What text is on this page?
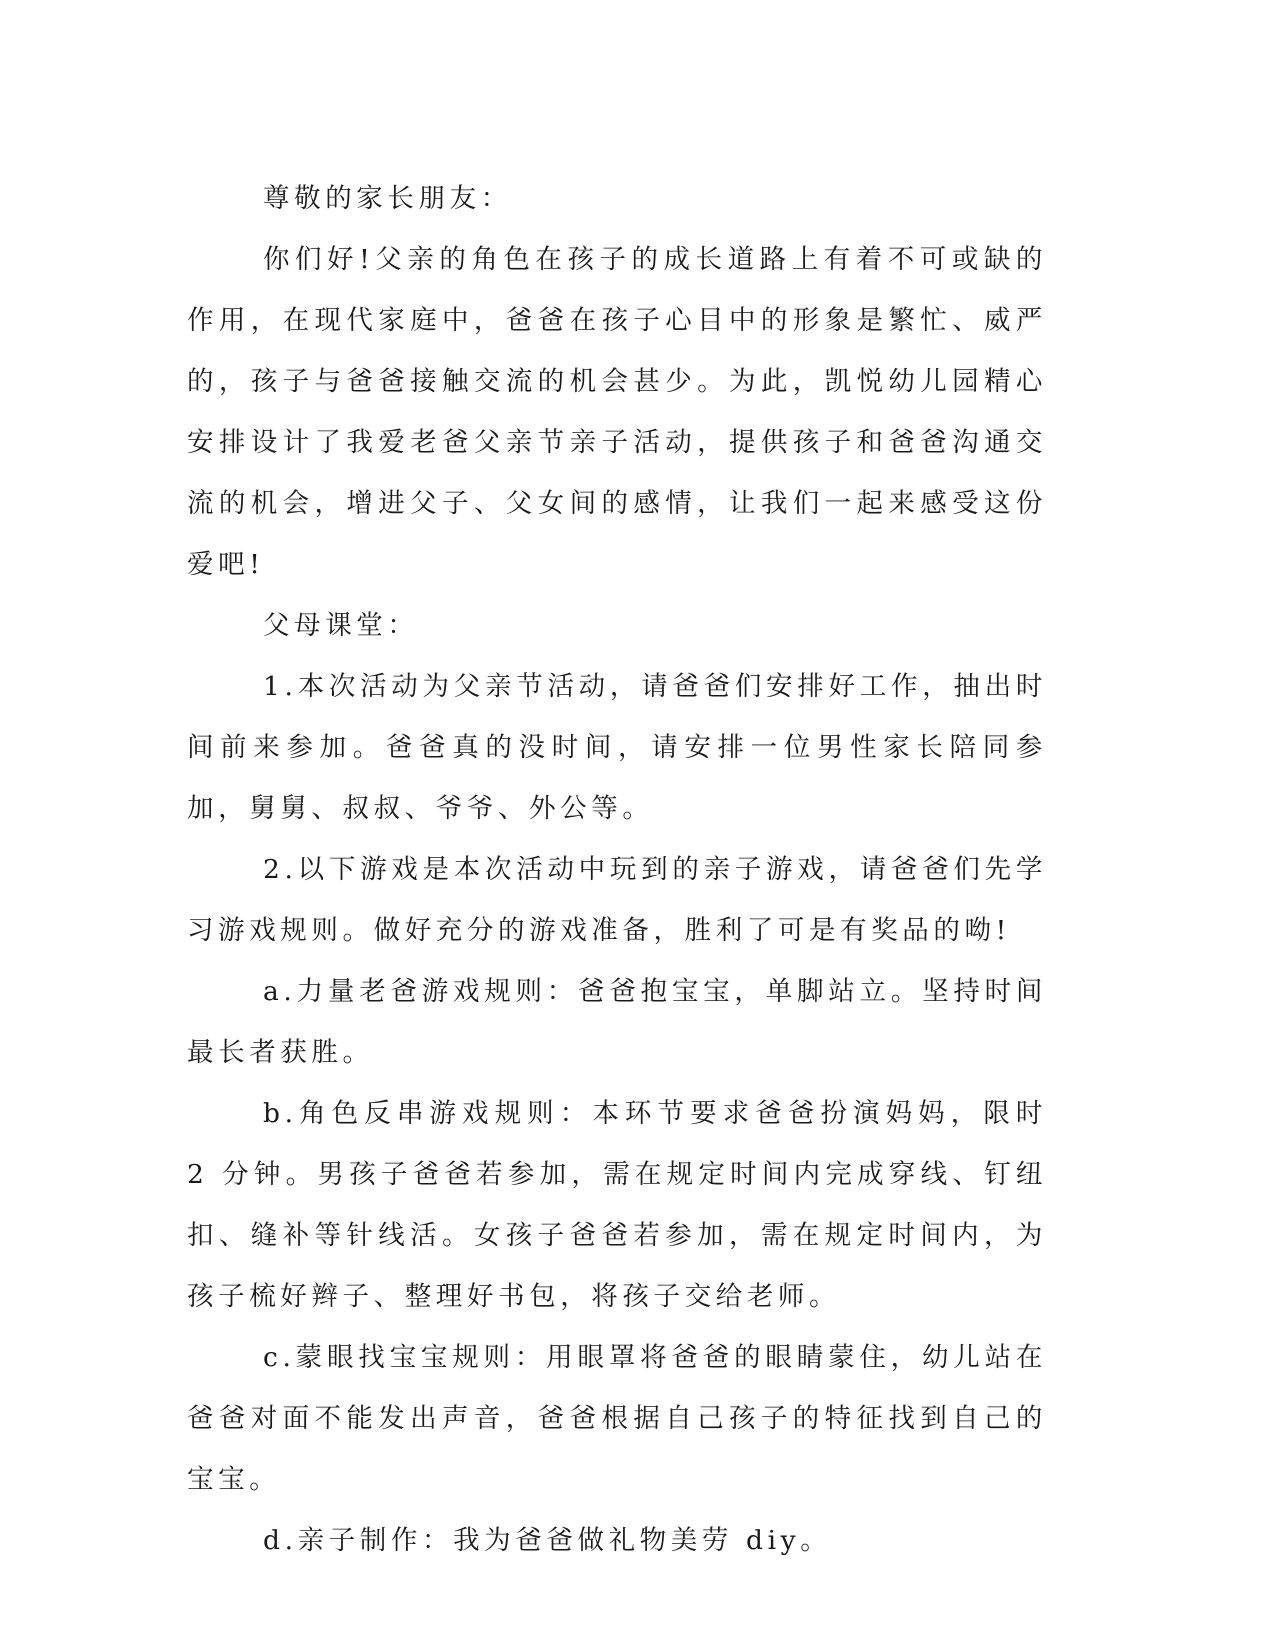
尊敬的家长朋友：

你们好!父亲的角色在孩子的成长道路上有着不可或缺的作用，在现代家庭中，爸爸在孩子心目中的形象是繁忙、威严的，孩子与爸爸接触交流的机会甚少。为此，凯悦幼儿园精心安排设计了我爱老爸父亲节亲子活动，提供孩子和爸爸沟通交流的机会，增进父子、父女间的感情，让我们一起来感受这份爱吧!

父母课堂：

1.本次活动为父亲节活动，请爸爸们安排好工作，抽出时间前来参加。爸爸真的没时间，请安排一位男性家长陪同参加，舅舅、叔叔、爷爷、外公等。

2.以下游戏是本次活动中玩到的亲子游戏，请爸爸们先学习游戏规则。做好充分的游戏准备，胜利了可是有奖品的呦!

a.力量老爸游戏规则：爸爸抱宝宝，单脚站立。坚持时间最长者获胜。

b.角色反串游戏规则：本环节要求爸爸扮演妈妈，限时 2 分钟。男孩子爸爸若参加，需在规定时间内完成穿线、钉纽扣、缝补等针线活。女孩子爸爸若参加，需在规定时间内，为孩子梳好辫子、整理好书包，将孩子交给老师。

c.蒙眼找宝宝规则：用眼罩将爸爸的眼睛蒙住，幼儿站在爸爸对面不能发出声音，爸爸根据自己孩子的特征找到自己的宝宝。

d.亲子制作：我为爸爸做礼物美劳 diy。
